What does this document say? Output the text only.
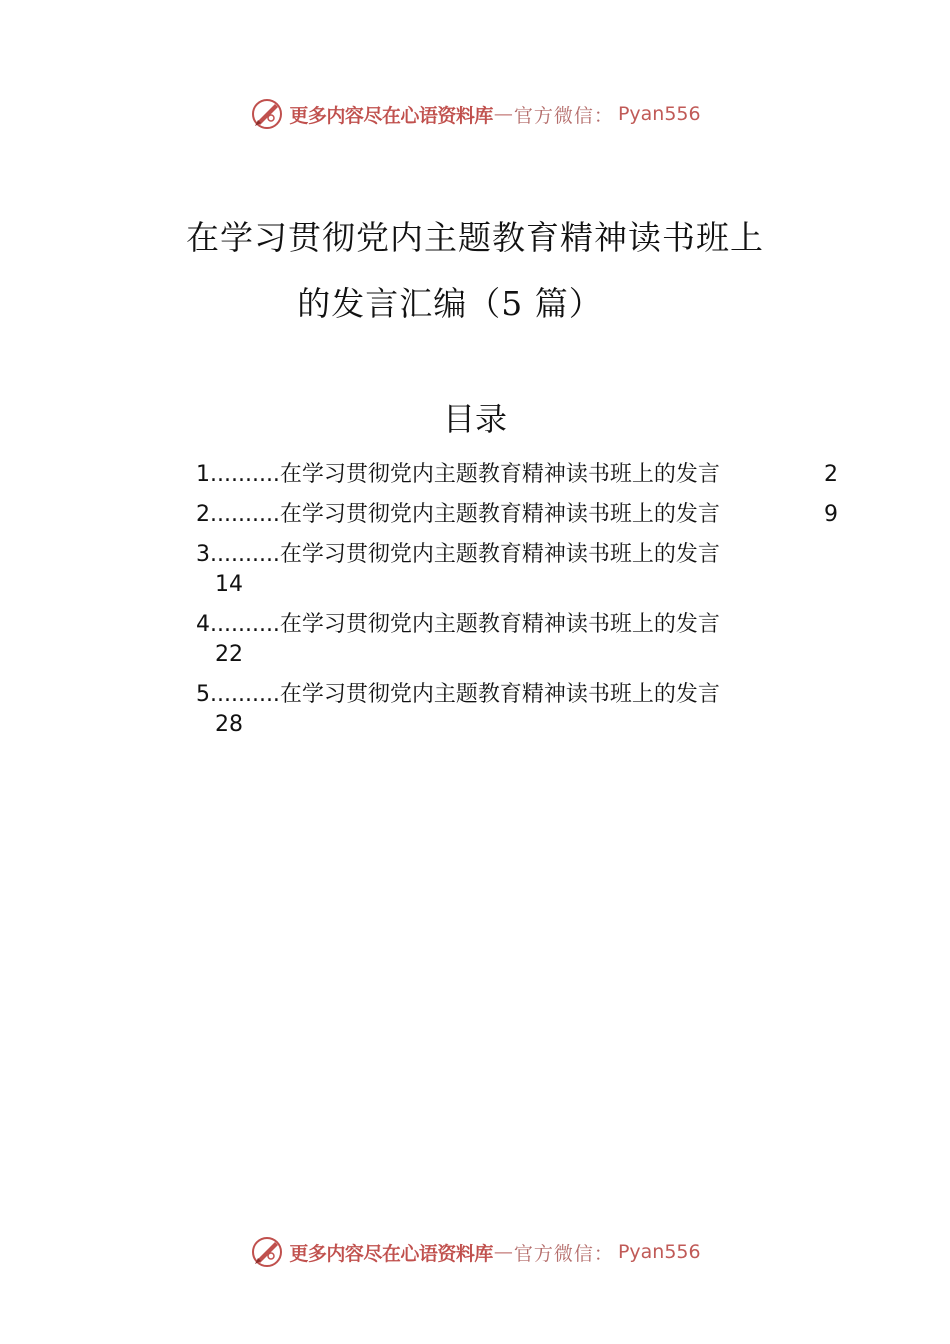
更多内容尽在心语资料库 — 官方微信： Pyan556
在学习贯彻党内主题教育精神读书班上
的发言汇编（5 篇）
目录
1..........在学习贯彻党内主题教育精神读书班上的发言	2
2..........在学习贯彻党内主题教育精神读书班上的发言	9
3..........在学习贯彻党内主题教育精神读书班上的发言
14
4..........在学习贯彻党内主题教育精神读书班上的发言
22
5..........在学习贯彻党内主题教育精神读书班上的发言
28
更多内容尽在心语资料库 — 官方微信： Pyan556
